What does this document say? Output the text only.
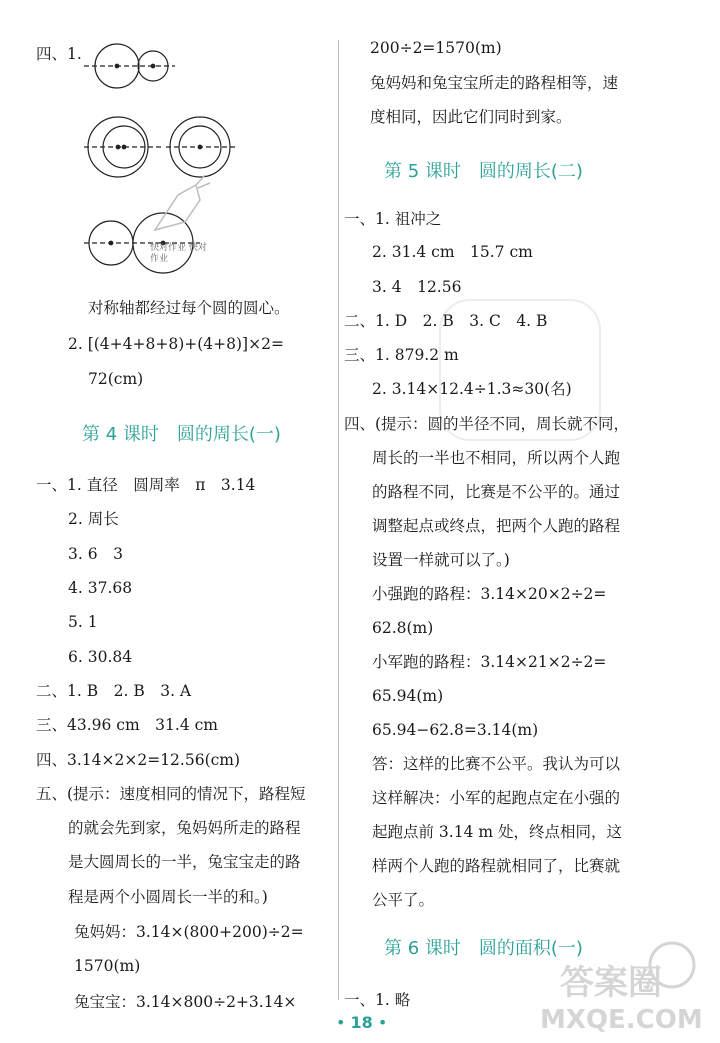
快对作业 快对作业
答案圈
MXQE.COM
四、1.
对称轴都经过每个圆的圆心。
2. [(4+4+8+8)+(4+8)]×2=
72(cm)
第 4 课时　圆的周长(一)
一、1. 直径　圆周率　π　3.14
2. 周长
3. 6　3
4. 37.68
5. 1
6. 30.84
二、1. B　2. B　3. A
三、43.96 cm　31.4 cm
四、3.14×2×2=12.56(cm)
五、(提示：速度相同的情况下，路程短
的就会先到家，兔妈妈所走的路程
是大圆周长的一半，兔宝宝走的路
程是两个小圆周长一半的和。)
兔妈妈：3.14×(800+200)÷2=
1570(m)
兔宝宝：3.14×800÷2+3.14×
200÷2=1570(m)
兔妈妈和兔宝宝所走的路程相等，速
度相同，因此它们同时到家。
第 5 课时　圆的周长(二)
一、1. 祖冲之
2. 31.4 cm　15.7 cm
3. 4　12.56
二、1. D　2. B　3. C　4. B
三、1. 879.2 m
2. 3.14×12.4÷1.3≈30(名)
四、(提示：圆的半径不同，周长就不同，
周长的一半也不相同，所以两个人跑
的路程不同，比赛是不公平的。通过
调整起点或终点，把两个人跑的路程
设置一样就可以了。)
小强跑的路程：3.14×20×2÷2=
62.8(m)
小军跑的路程：3.14×21×2÷2=
65.94(m)
65.94−62.8=3.14(m)
答：这样的比赛不公平。我认为可以
这样解决：小军的起跑点定在小强的
起跑点前 3.14 m 处，终点相同，这
样两个人跑的路程就相同了，比赛就
公平了。
第 6 课时　圆的面积(一)
一、1. 略
• 18 •
